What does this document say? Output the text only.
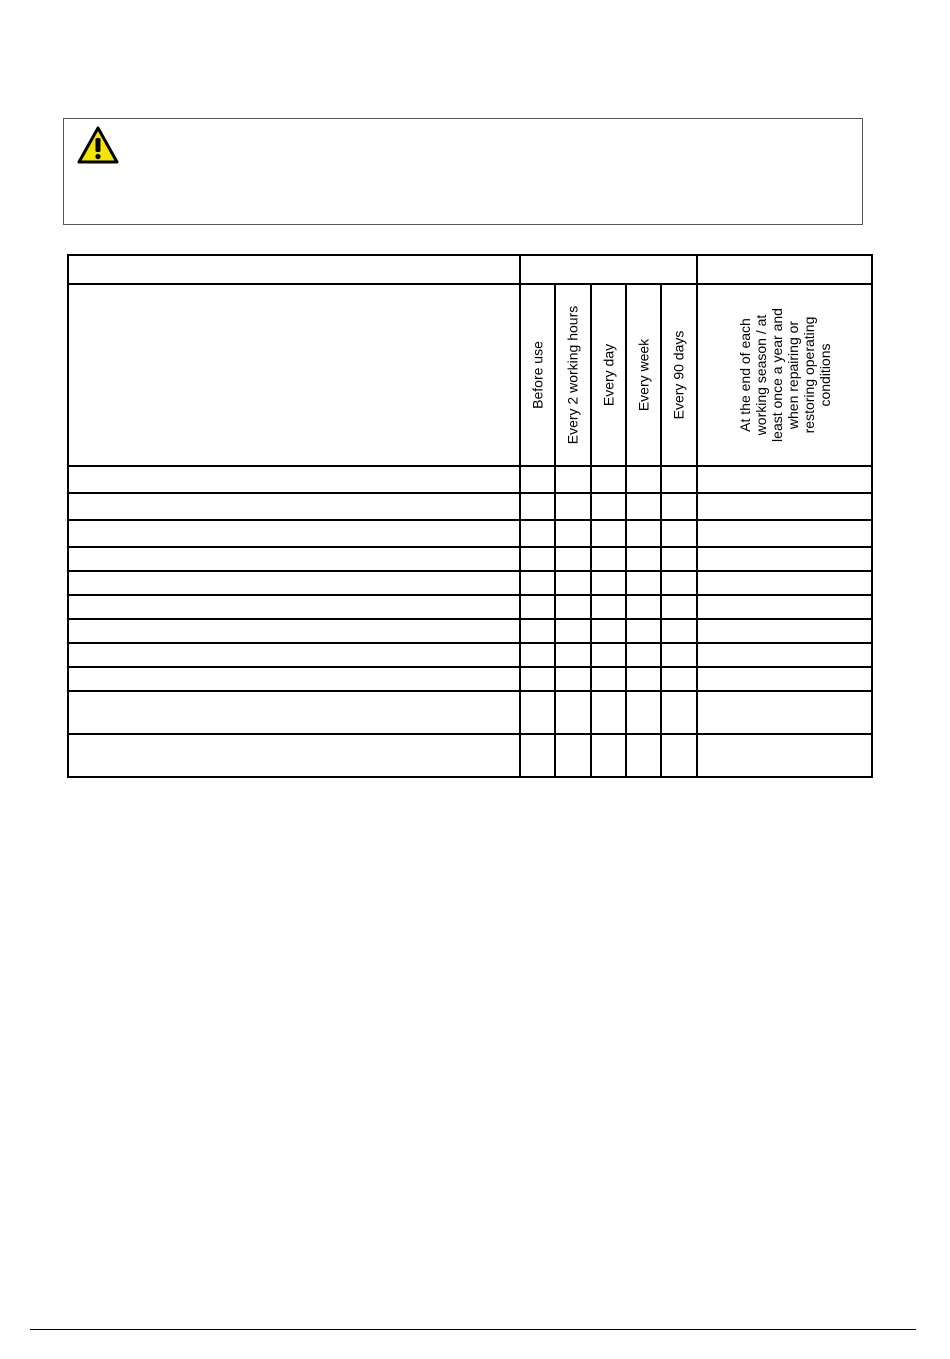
	Before use	Every 2 working hours	Every day	Every week	Every 90 days	At the end of each working season / at least once a year and when repairing or restoring operating conditions
